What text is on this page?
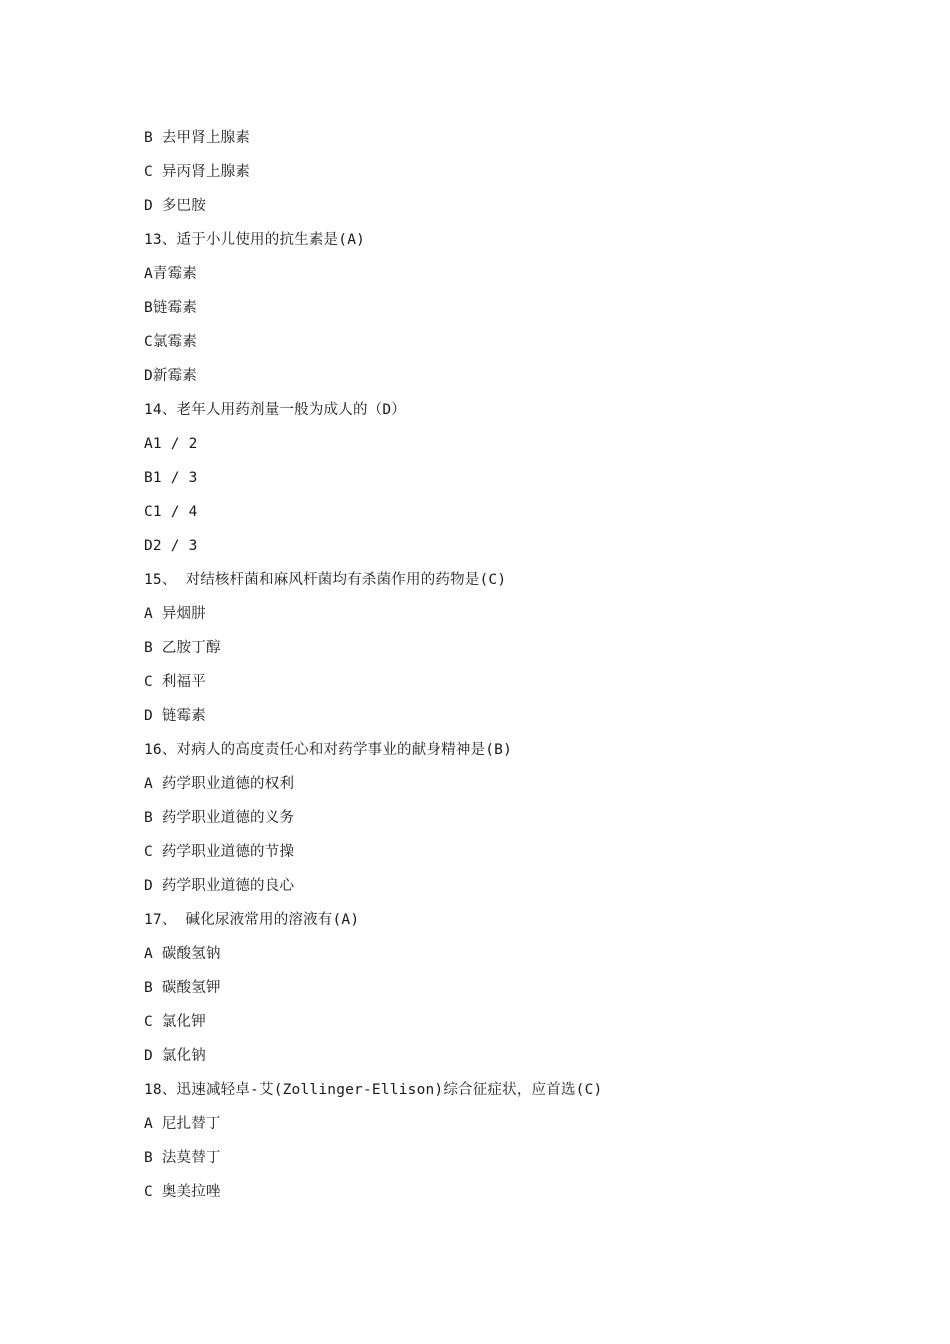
B 去甲肾上腺素
C 异丙肾上腺素
D 多巴胺
13、适于小儿使用的抗生素是(A)
A青霉素
B链霉素
C氯霉素
D新霉素
14、老年人用药剂量一般为成人的（D）
A1 / 2
B1 / 3
C1 / 4
D2 / 3
15、 对结核杆菌和麻风杆菌均有杀菌作用的药物是(C)
A 异烟肼
B 乙胺丁醇
C 利福平
D 链霉素
16、对病人的高度责任心和对药学事业的献身精神是(B)
A 药学职业道德的权利
B 药学职业道德的义务
C 药学职业道德的节操
D 药学职业道德的良心
17、 碱化尿液常用的溶液有(A)
A 碳酸氢钠
B 碳酸氢钾
C 氯化钾
D 氯化钠
18、迅速减轻卓-艾(Zollinger-Ellison)综合征症状，应首选(C)
A 尼扎替丁
B 法莫替丁
C 奥美拉唑
